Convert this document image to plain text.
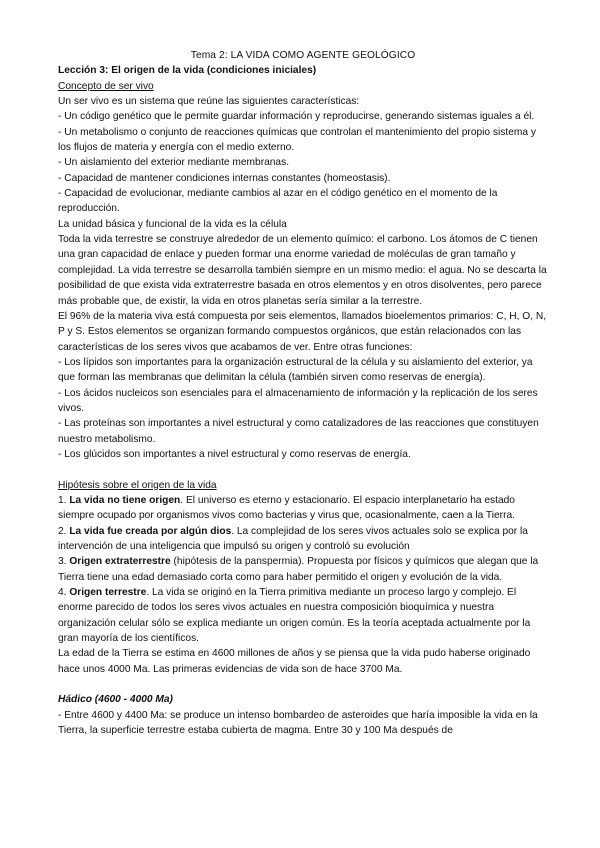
Tema 2: LA VIDA COMO AGENTE GEOLÓGICO

Lección 3: El origen de la vida (condiciones iniciales)

Concepto de ser vivo

Un ser vivo es un sistema que reúne las siguientes características:

- Un código genético que le permite guardar información y reproducirse, generando sistemas iguales a él.

- Un metabolismo o conjunto de reacciones químicas que controlan el mantenimiento del propio sistema y los flujos de materia y energía con el medio externo.

- Un aislamiento del exterior mediante membranas.

- Capacidad de mantener condiciones internas constantes (homeostasis).

- Capacidad de evolucionar, mediante cambios al azar en el código genético en el momento de la reproducción.

La unidad básica y funcional de la vida es la célula

Toda la vida terrestre se construye alrededor de un elemento químico: el carbono. Los átomos de C tienen una gran capacidad de enlace y pueden formar una enorme variedad de moléculas de gran tamaño y complejidad. La vida terrestre se desarrolla también siempre en un mismo medio: el agua. No se descarta la posibilidad de que exista vida extraterrestre basada en otros elementos y en otros disolventes, pero parece más probable que, de existir, la vida en otros planetas sería similar a la terrestre.

El 96% de la materia viva está compuesta por seis elementos, llamados bioelementos primarios: C, H, O, N, P y S. Estos elementos se organizan formando compuestos orgánicos, que están relacionados con las características de los seres vivos que acabamos de ver. Entre otras funciones:

- Los lípidos son importantes para la organización estructural de la célula y su aislamiento del exterior, ya que forman las membranas que delimitan la célula (también sirven como reservas de energía).

- Los ácidos nucleicos son esenciales para el almacenamiento de información y la replicación de los seres vivos.

- Las proteínas son importantes a nivel estructural y como catalizadores de las reacciones que constituyen nuestro metabolismo.

- Los glúcidos son importantes a nivel estructural y como reservas de energía.

Hipótesis sobre el origen de la vida

1. La vida no tiene origen. El universo es eterno y estacionario. El espacio interplanetario ha estado siempre ocupado por organismos vivos como bacterias y virus que, ocasionalmente, caen a la Tierra.

2. La vida fue creada por algún dios. La complejidad de los seres vivos actuales solo se explica por la intervención de una inteligencia que impulsó su origen y controló su evolución

3. Origen extraterrestre (hipótesis de la panspermia). Propuesta por físicos y químicos que alegan que la Tierra tiene una edad demasiado corta como para haber permitido el origen y evolución de la vida.

4. Origen terrestre. La vida se originó en la Tierra primitiva mediante un proceso largo y complejo. El enorme parecido de todos los seres vivos actuales en nuestra composición bioquímica y nuestra organización celular sólo se explica mediante un origen común. Es la teoría aceptada actualmente por la gran mayoría de los científicos.

La edad de la Tierra se estima en 4600 millones de años y se piensa que la vida pudo haberse originado hace unos 4000 Ma. Las primeras evidencias de vida son de hace 3700 Ma.

Hádico (4600 - 4000 Ma)

- Entre 4600 y 4400 Ma: se produce un intenso bombardeo de asteroides que haría imposible la vida en la Tierra, la superficie terrestre estaba cubierta de magma. Entre 30 y 100 Ma después de
